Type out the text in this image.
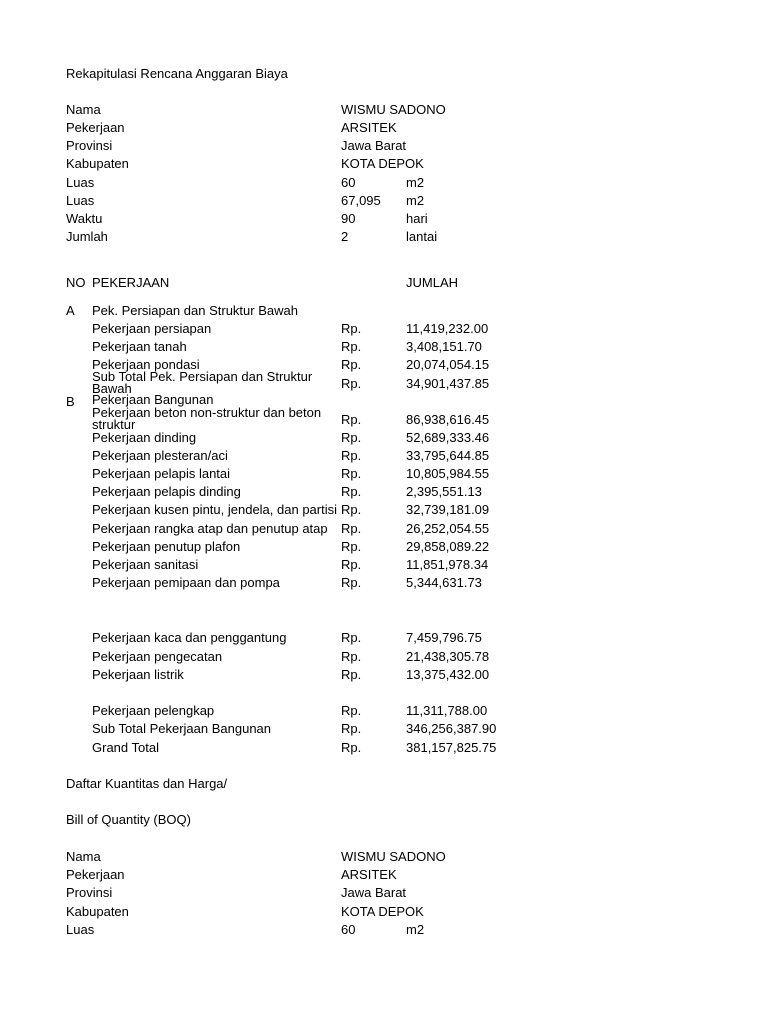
Rekapitulasi Rencana Anggaran Biaya
Nama	WISMU SADONO
Pekerjaan	ARSITEK
Provinsi	Jawa Barat
Kabupaten	KOTA DEPOK
Luas	60	m2
Luas	67,095 m2
Waktu	90	hari
Jumlah	2	lantai
NO PEKERJAAN	JUMLAH
A Pek. Persiapan dan Struktur Bawah
Pekerjaan persiapan	Rp.	11,419,232.00
Pekerjaan tanah	Rp.	3,408,151.70
Pekerjaan pondasi	Rp.	20,074,054.15
Sub Total Pek. Persiapan dan Struktur Bawah	Rp.	34,901,437.85
B Pekerjaan Bangunan
Pekerjaan beton non-struktur dan beton struktur	Rp.	86,938,616.45
Pekerjaan dinding	Rp.	52,689,333.46
Pekerjaan plesteran/aci	Rp.	33,795,644.85
Pekerjaan pelapis lantai	Rp.	10,805,984.55
Pekerjaan pelapis dinding	Rp.	2,395,551.13
Pekerjaan kusen pintu, jendela, dan partisi Rp.	32,739,181.09
Pekerjaan rangka atap dan penutup atap Rp.	26,252,054.55
Pekerjaan penutup plafon	Rp.	29,858,089.22
Pekerjaan sanitasi	Rp.	11,851,978.34
Pekerjaan pemipaan dan pompa	Rp.	5,344,631.73
Pekerjaan kaca dan penggantung	Rp.	7,459,796.75
Pekerjaan pengecatan	Rp.	21,438,305.78
Pekerjaan listrik	Rp.	13,375,432.00
Pekerjaan pelengkap	Rp.	11,311,788.00
Sub Total Pekerjaan Bangunan	Rp.	346,256,387.90
Grand Total	Rp.	381,157,825.75
Daftar Kuantitas dan Harga/
Bill of Quantity (BOQ)
Nama	WISMU SADONO
Pekerjaan	ARSITEK
Provinsi	Jawa Barat
Kabupaten	KOTA DEPOK
Luas	60	m2
